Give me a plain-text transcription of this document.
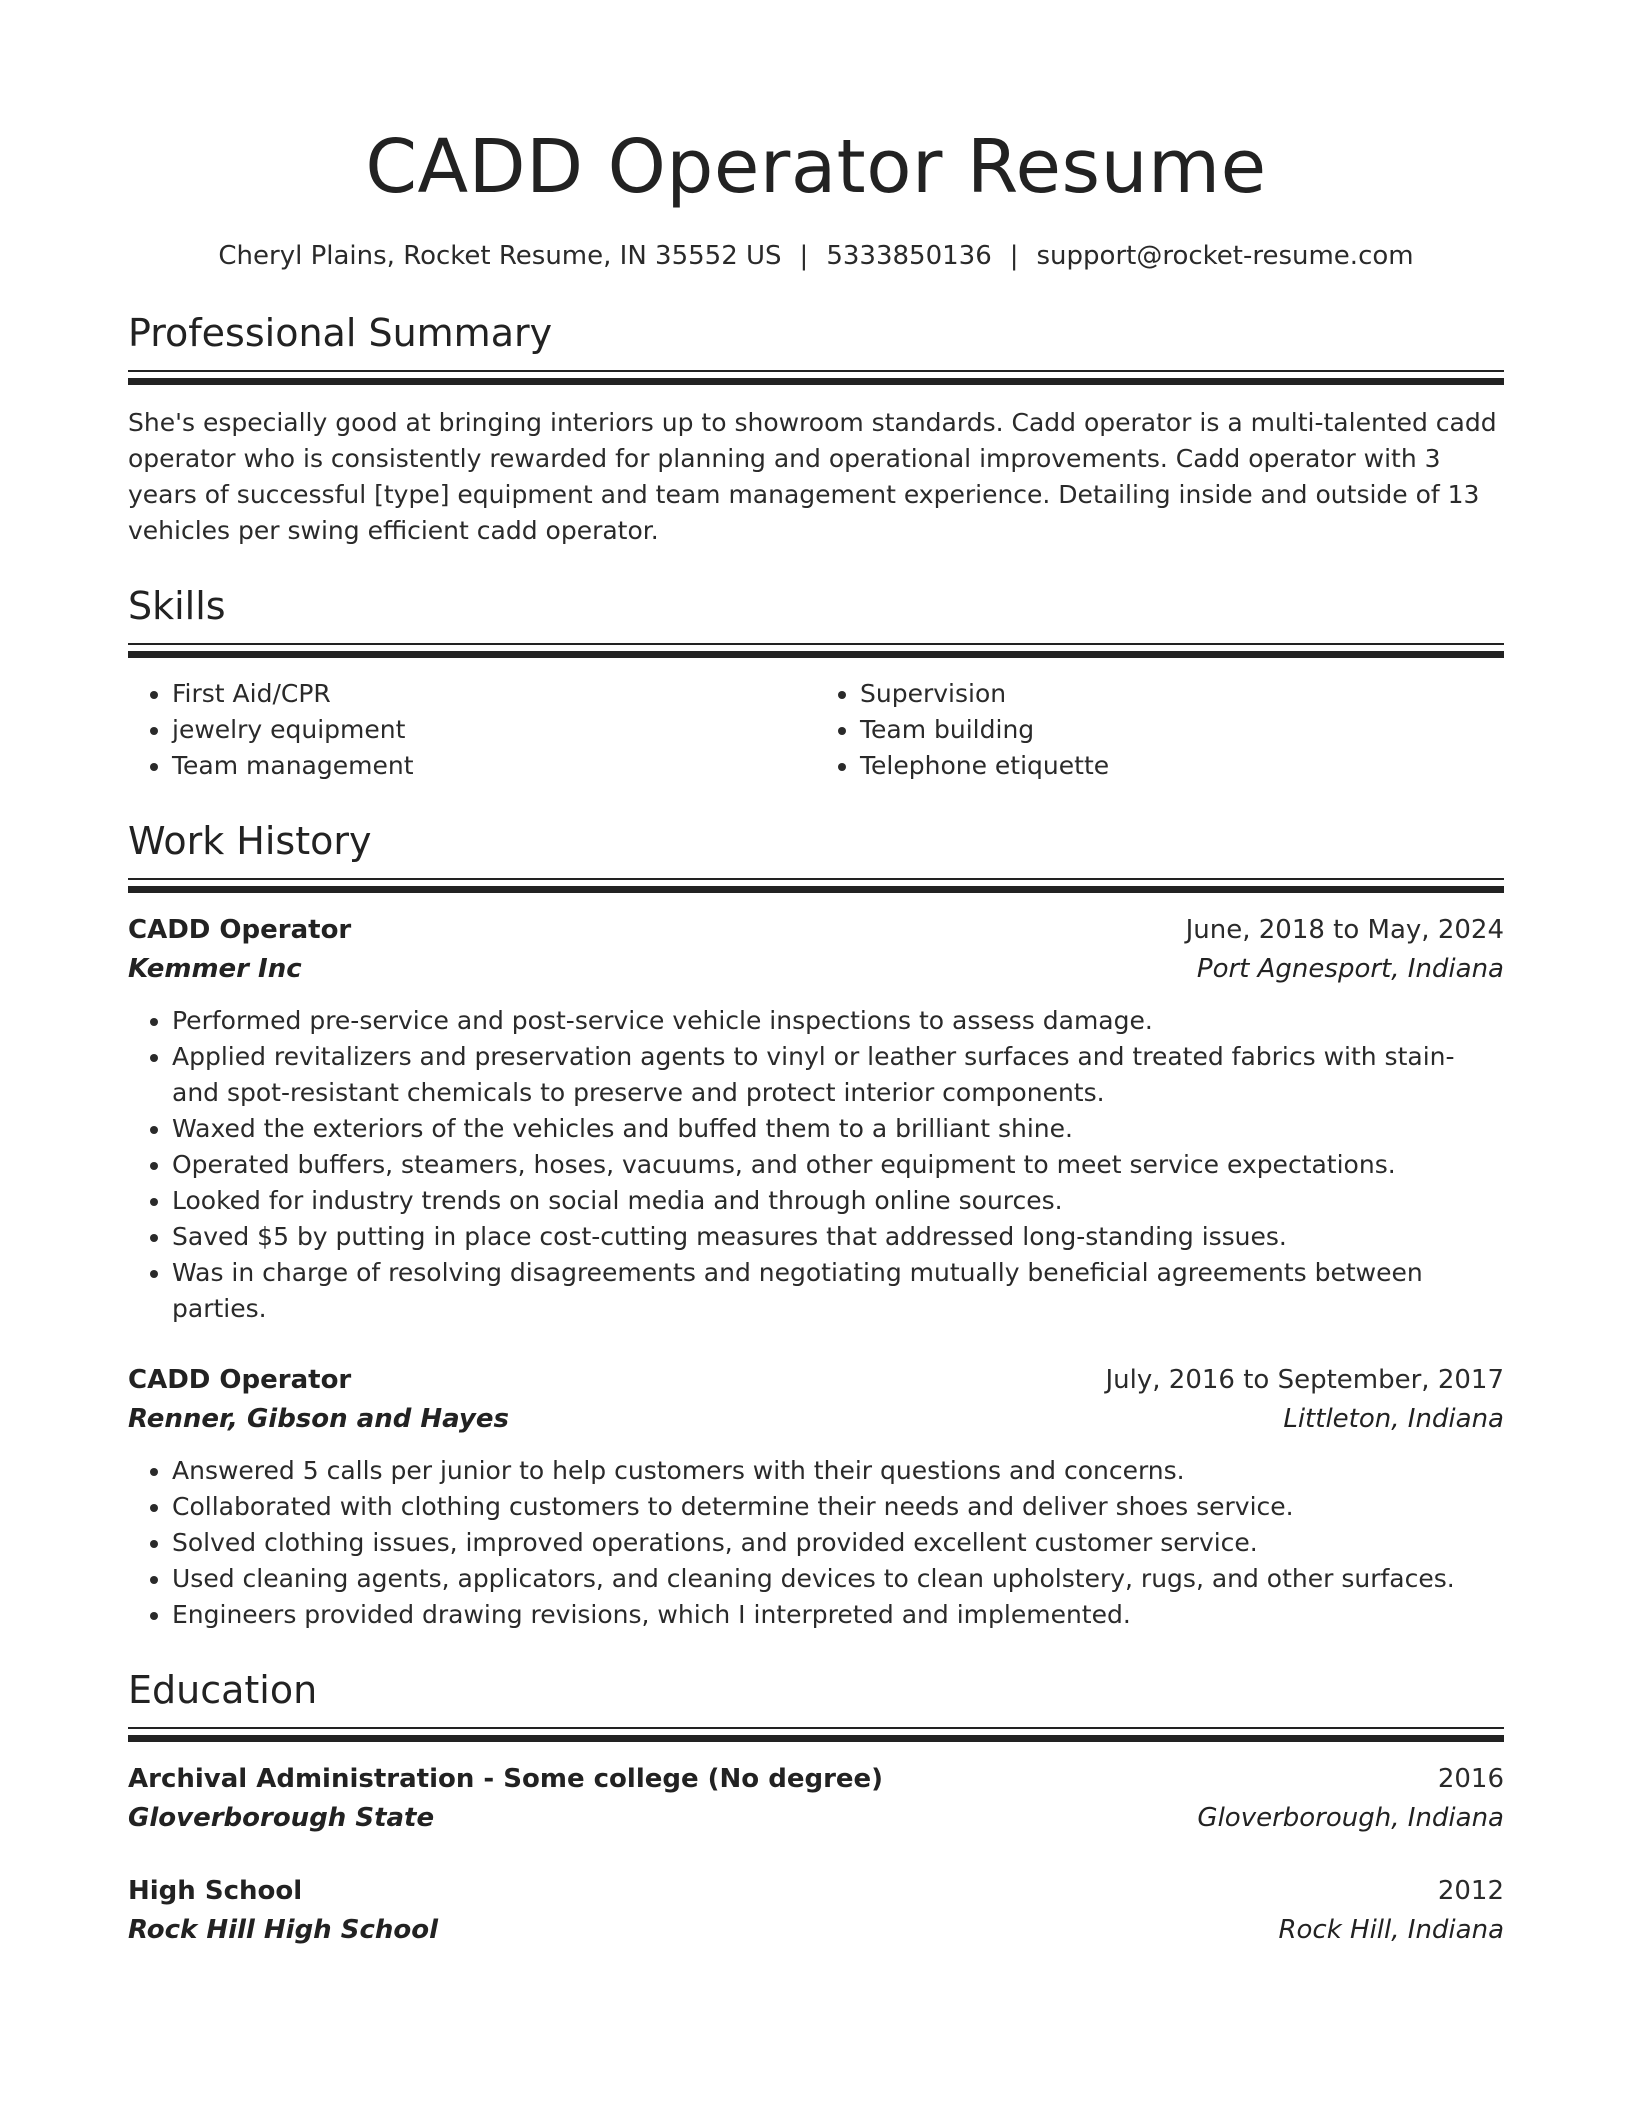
CADD Operator Resume
Cheryl Plains, Rocket Resume, IN 35552 US | 5333850136 | support@rocket-resume.com
Professional Summary

She's especially good at bringing interiors up to showroom standards. Cadd operator is a multi-talented cadd operator who is consistently rewarded for planning and operational improvements. Cadd operator with 3 years of successful [type] equipment and team management experience. Detailing inside and outside of 13 vehicles per swing efficient cadd operator.

Skills
• First Aid/CPR
• jewelry equipment
• Team management
• Supervision
• Team building
• Telephone etiquette
Work History
CADD Operator	June, 2018 to May, 2024
Kemmer Inc	Port Agnesport, Indiana
• Performed pre-service and post-service vehicle inspections to assess damage.
• Applied revitalizers and preservation agents to vinyl or leather surfaces and treated fabrics with stain- and spot-resistant chemicals to preserve and protect interior components.
• Waxed the exteriors of the vehicles and buffed them to a brilliant shine.
• Operated buffers, steamers, hoses, vacuums, and other equipment to meet service expectations.
• Looked for industry trends on social media and through online sources.
• Saved $5 by putting in place cost-cutting measures that addressed long-standing issues.
• Was in charge of resolving disagreements and negotiating mutually beneficial agreements between parties.
CADD Operator	July, 2016 to September, 2017
Renner, Gibson and Hayes	Littleton, Indiana
• Answered 5 calls per junior to help customers with their questions and concerns.
• Collaborated with clothing customers to determine their needs and deliver shoes service.
• Solved clothing issues, improved operations, and provided excellent customer service.
• Used cleaning agents, applicators, and cleaning devices to clean upholstery, rugs, and other surfaces.
• Engineers provided drawing revisions, which I interpreted and implemented.
Education
Archival Administration - Some college (No degree)	2016
Gloverborough State	Gloverborough, Indiana
High School	2012
Rock Hill High School	Rock Hill, Indiana
